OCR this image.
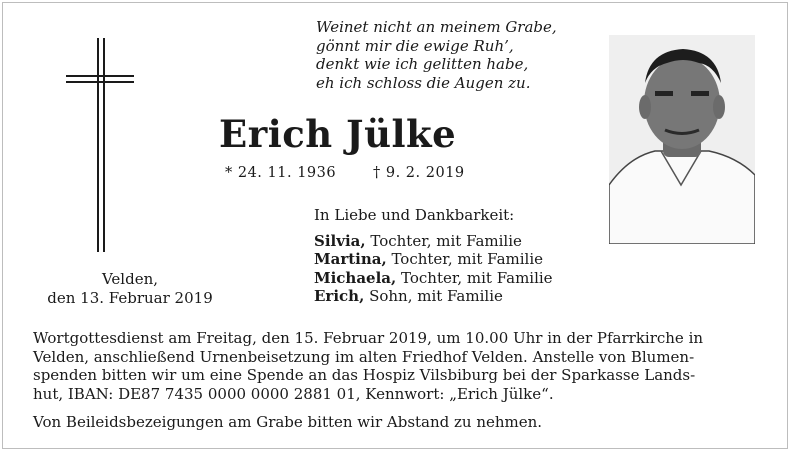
Weinet nicht an meinem Grabe,
gönnt mir die ewige Ruh’,
denkt wie ich gelitten habe,
eh ich schloss die Augen zu.
Erich Jülke
* 24. 11. 1936	† 9. 2. 2019
Velden,
den 13. Februar 2019
In Liebe und Dankbarkeit:
Silvia, Tochter, mit Familie
Martina, Tochter, mit Familie
Michaela, Tochter, mit Familie
Erich, Sohn, mit Familie
Wortgottesdienst am Freitag, den 15. Februar 2019, um 10.00 Uhr in der Pfarrkirche in
Velden, anschließend Urnenbeisetzung im alten Friedhof Velden. Anstelle von Blumen-
spenden bitten wir um eine Spende an das Hospiz Vilsbiburg bei der Sparkasse Lands-
hut, IBAN: DE87 7435 0000 0000 2881 01, Kennwort: „Erich Jülke“.
Von Beileidsbezeigungen am Grabe bitten wir Abstand zu nehmen.
